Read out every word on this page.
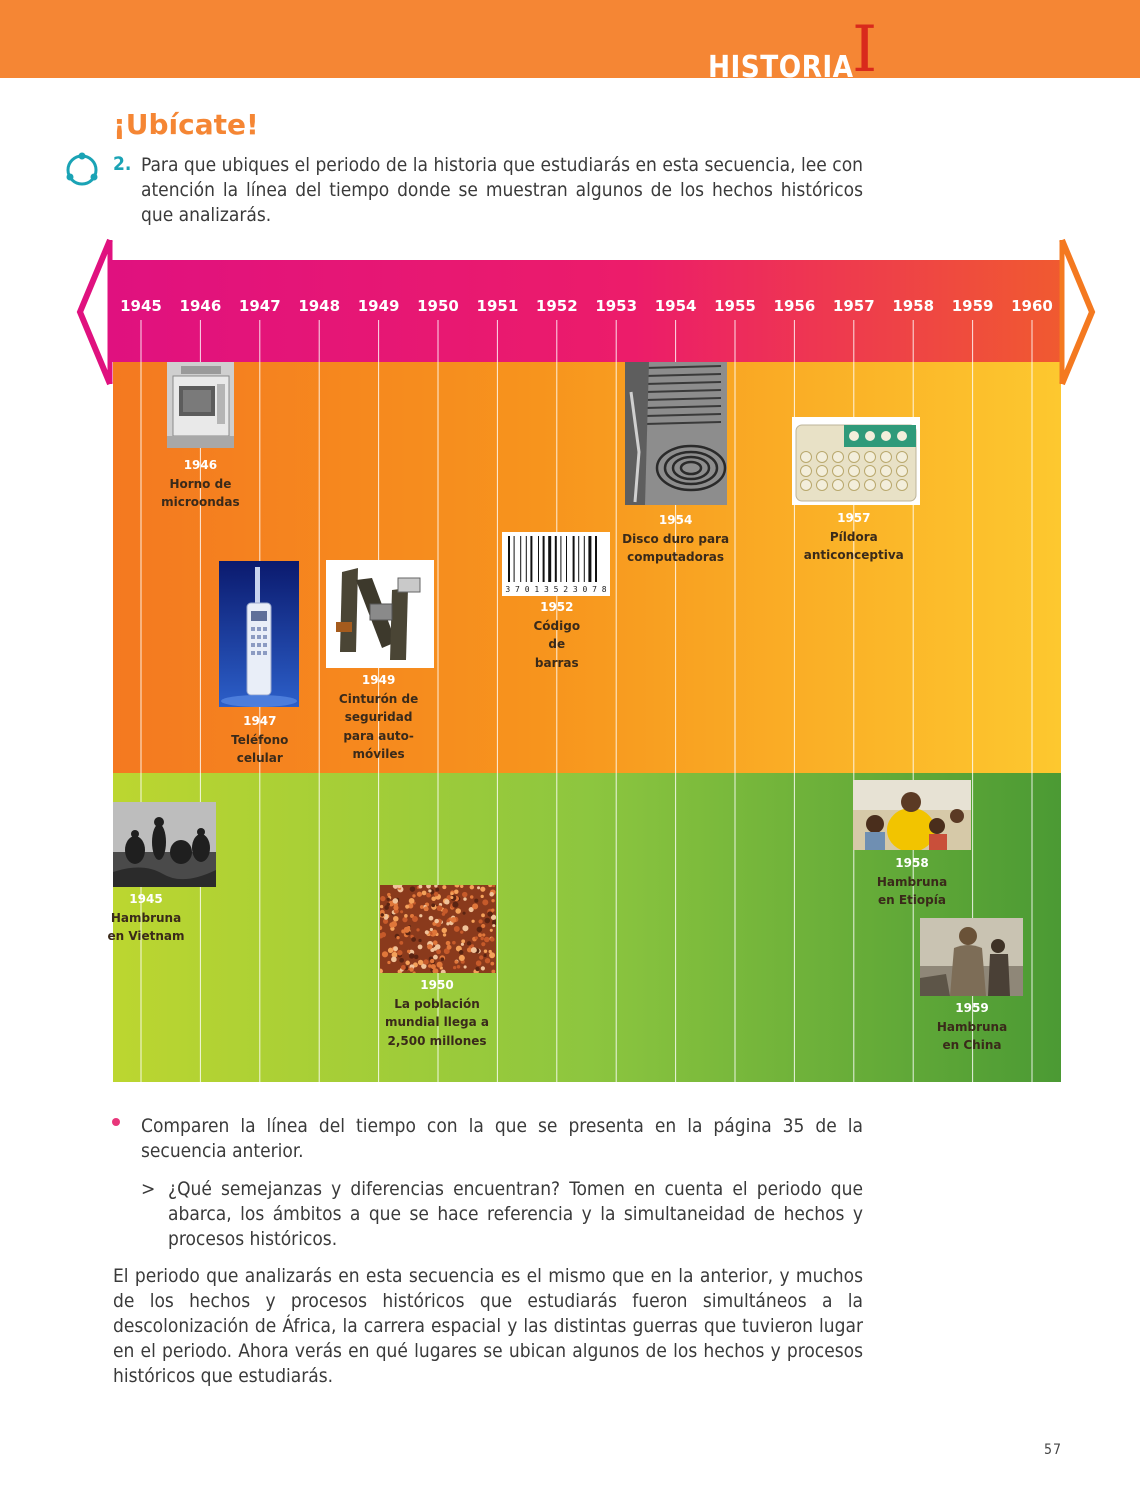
HISTORIA
I
¡Ubícate!
2. Para que ubiques el periodo de la historia que estudiarás en esta secuencia, lee con atención la línea del tiempo donde se muestran algunos de los hechos históricos que analizarás.
1945	1946	1947	1948	1949	1950	1951	1952	1953	1954	1955	1956	1957	1958	1959	1960
3 7 0 1 3 5 2 3 0 7 8
1946
Horno de
microondas
1947
Teléfono
celular
1949
Cinturón de
seguridad
para auto-
móviles
1952
Código
de
barras
1954
Disco duro para
computadoras
1957
Píldora
anticonceptiva
1945
Hambruna
en Vietnam
1950
La población
mundial llega a
2,500 millones
1958
Hambruna
en Etiopía
1959
Hambruna
en China
Comparen la línea del tiempo con la que se presenta en la página 35 de la secuencia anterior.
> ¿Qué semejanzas y diferencias encuentran? Tomen en cuenta el periodo que abarca, los ámbitos a que se hace referencia y la simultaneidad de hechos y procesos históricos.
El periodo que analizarás en esta secuencia es el mismo que en la anterior, y muchos de los hechos y procesos históricos que estudiarás fueron simultáneos a la descolonización de África, la carrera espacial y las distintas guerras que tuvieron lugar en el periodo. Ahora verás en qué lugares se ubican algunos de los hechos y procesos históricos que estudiarás.
57
